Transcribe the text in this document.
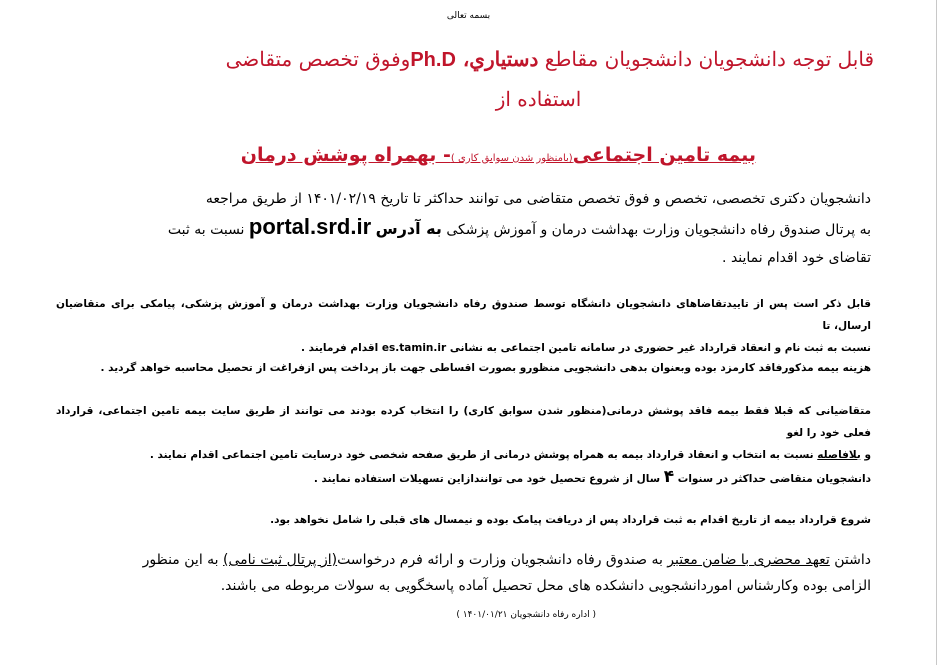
بسمه تعالی
قابل توجه دانشجویان دانشجویان مقاطع دستیاري، Ph.Dوفوق تخصص متقاضی
استفاده از
بیمه تامین اجتماعی(بامنظور شدن سوابق کاری )- بهمراه پوشش درمان
دانشجویان دکتری تخصصی، تخصص و فوق تخصص متقاضی می توانند حداکثر تا تاریخ ۱۴۰۱/۰۲/۱۹ از طریق مراجعه
به پرتال صندوق رفاه دانشجویان وزارت بهداشت درمان و آموزش پزشکی به آدرس portal.srd.ir نسبت به ثبت
تقاضای خود اقدام نمایند .
قابل ذکر است پس از تاییدتقاضاهای دانشجویان دانشگاه توسط صندوق رفاه دانشجویان وزارت بهداشت درمان و آموزش پزشکی، پیامکی برای متقاضیان ارسال، تا
نسبت به ثبت نام و انعقاد قرارداد غیر حضوری در سامانه تامین اجتماعی به نشانی es.tamin.ir اقدام فرمایند .
هزینه بیمه مذکورفاقد کارمزد بوده وبعنوان بدهی دانشجویی منظورو بصورت اقساطی جهت باز پرداخت پس ازفراغت از تحصیل محاسبه خواهد گردید .
متقاضیانی که قبلا فقط بیمه فاقد پوشش درمانی(منظور شدن سوابق کاری) را انتخاب کرده بودند می توانند از طریق سایت بیمه تامین اجتماعی، قرارداد فعلی خود را لغو
و بلافاصله نسبت به انتخاب و انعقاد قرارداد بیمه به همراه پوشش درمانی از طریق صفحه شخصی خود درسایت تامین اجتماعی اقدام نمایند .
دانشجویان متقاضی حداکثر در سنوات ۴ سال از شروع تحصیل خود می توانندازاین تسهیلات استفاده نمایند .
شروع قرارداد بیمه از تاریخ اقدام به ثبت قرارداد پس از دریافت پیامک بوده و نیمسال های قبلی را شامل نخواهد بود.
داشتن تعهد محضری با ضامن معتبر به صندوق رفاه دانشجویان وزارت و ارائه فرم درخواست(از پرتال ثبت نامی) به این منظور
الزامی بوده وکارشناس اموردانشجویی دانشکده های محل تحصیل آماده پاسخگویی به سولات مربوطه می باشند.
( اداره رفاه دانشجویان ۱۴۰۱/۰۱/۲۱ )
